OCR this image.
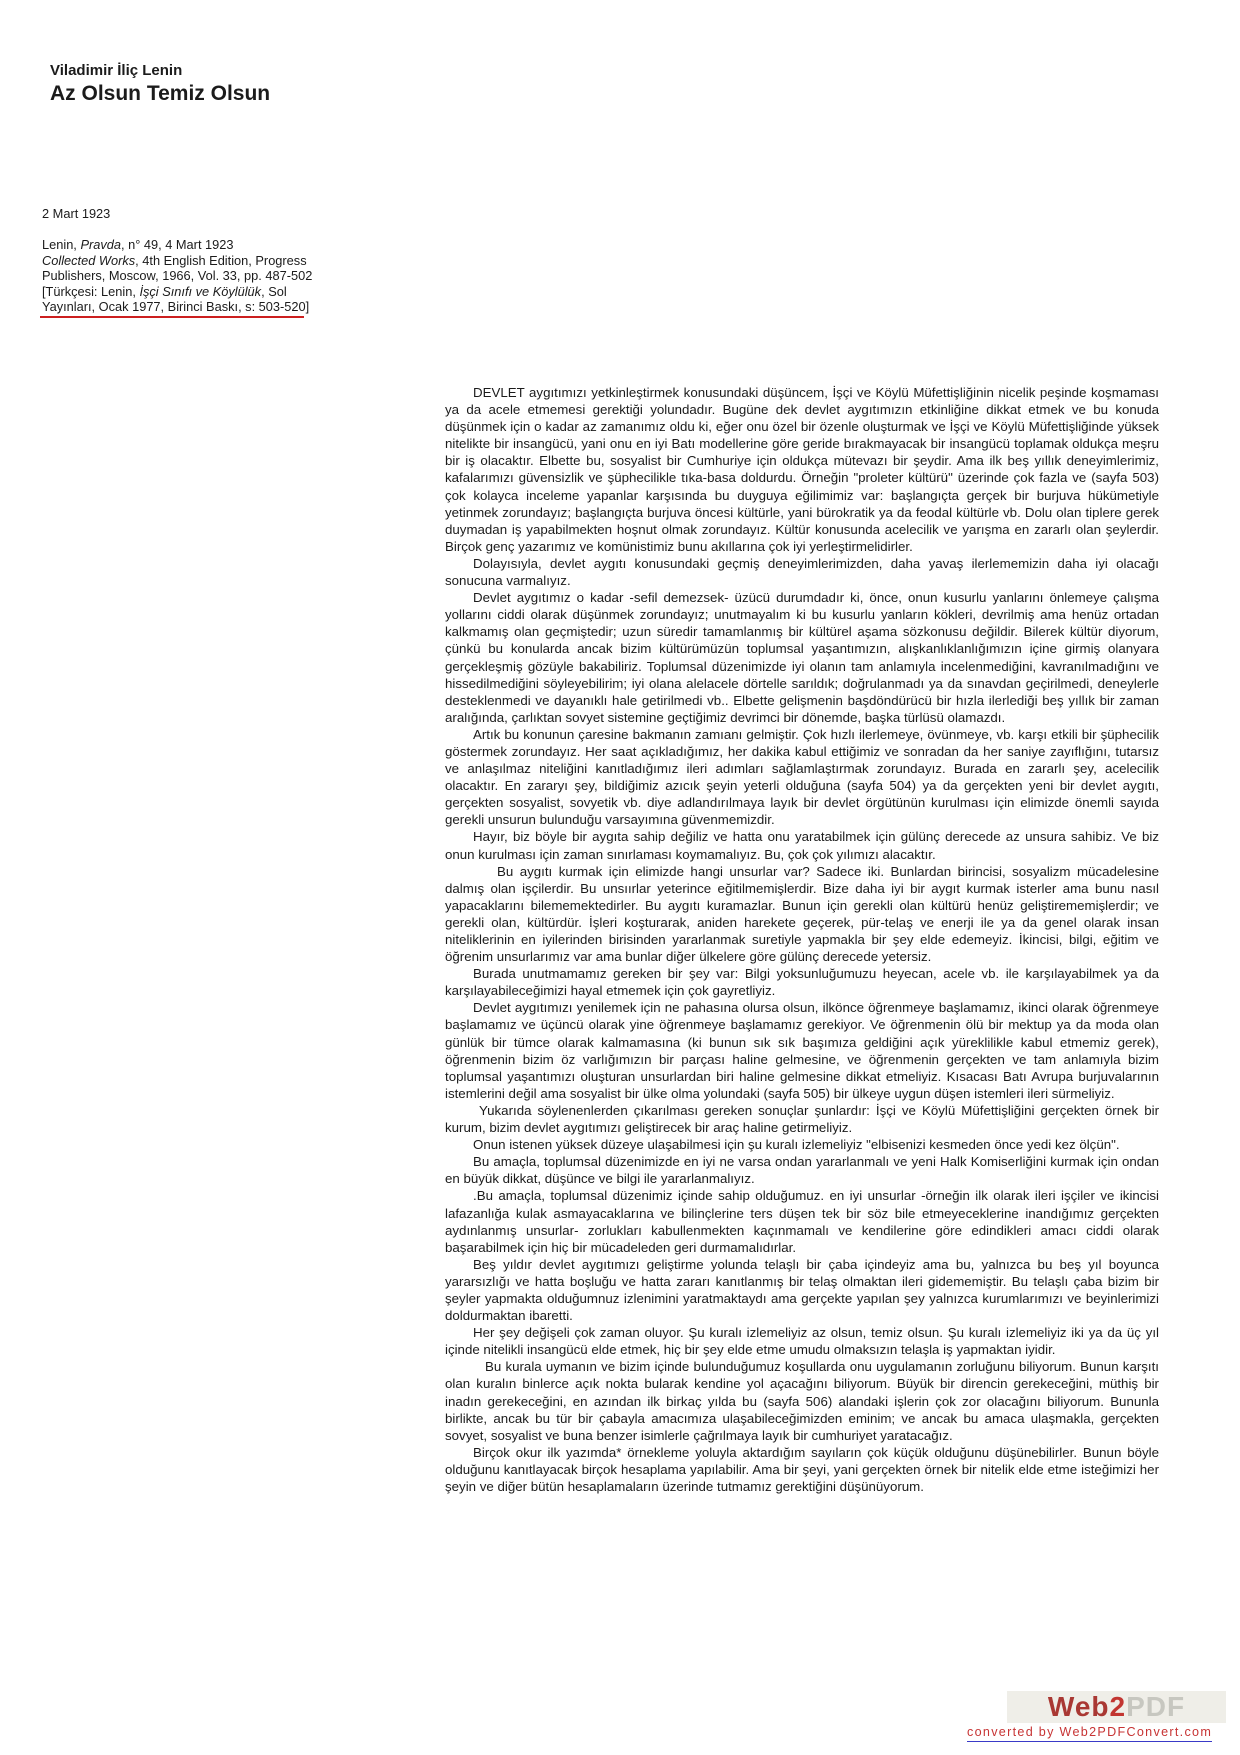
Viladimir İliç Lenin
Az Olsun Temiz Olsun
2 Mart 1923
Lenin, Pravda, n° 49, 4 Mart 1923
Collected Works, 4th English Edition, Progress
Publishers, Moscow, 1966, Vol. 33, pp. 487-502
[Türkçesi: Lenin, İşçi Sınıfı ve Köylülük, Sol
Yayınları, Ocak 1977, Birinci Baskı, s: 503-520]

DEVLET aygıtımızı yetkinleştirmek konusundaki düşüncem, İşçi ve Köylü Müfettişliğinin nicelik peşinde koşmaması ya da acele etmemesi gerektiği yolundadır. Bugüne dek devlet aygıtımızın etkinliğine dikkat etmek ve bu konuda düşünmek için o kadar az zamanımız oldu ki, eğer onu özel bir özenle oluşturmak ve İşçi ve Köylü Müfettişliğinde yüksek nitelikte bir insangücü, yani onu en iyi Batı modellerine göre geride bırakmayacak bir insangücü toplamak oldukça meşru bir iş olacaktır. Elbette bu, sosyalist bir Cumhuriye için oldukça mütevazı bir şeydir. Ama ilk beş yıllık deneyimlerimiz, kafalarımızı güvensizlik ve şüphecilikle tıka-basa doldurdu. Örneğin "proleter kültürü" üzerinde çok fazla ve (sayfa 503) çok kolayca inceleme yapanlar karşısında bu duyguya eğilimimiz var: başlangıçta gerçek bir burjuva hükümetiyle yetinmek zorundayız; başlangıçta burjuva öncesi kültürle, yani bürokratik ya da feodal kültürle vb. Dolu olan tiplere gerek duymadan iş yapabilmekten hoşnut olmak zorundayız. Kültür konusunda acelecilik ve yarışma en zararlı olan şeylerdir. Birçok genç yazarımız ve komünistimiz bunu akıllarına çok iyi yerleştirmelidirler.

Dolayısıyla, devlet aygıtı konusundaki geçmiş deneyimlerimizden, daha yavaş ilerlememizin daha iyi olacağı sonucuna varmalıyız.

Devlet aygıtımız o kadar -sefil demezsek- üzücü durumdadır ki, önce, onun kusurlu yanlarını önlemeye çalışma yollarını ciddi olarak düşünmek zorundayız; unutmayalım ki bu kusurlu yanların kökleri, devrilmiş ama henüz ortadan kalkmamış olan geçmiştedir; uzun süredir tamamlanmış bir kültürel aşama sözkonusu değildir. Bilerek kültür diyorum, çünkü bu konularda ancak bizim kültürümüzün toplumsal yaşantımızın, alışkanlıklanlığımızın içine girmiş olanyara gerçekleşmiş gözüyle bakabiliriz. Toplumsal düzenimizde iyi olanın tam anlamıyla incelenmediğini, kavranılmadığını ve hissedilmediğini söyleyebilirim; iyi olana alelacele dörtelle sarıldık; doğrulanmadı ya da sınavdan geçirilmedi, deneylerle desteklenmedi ve dayanıklı hale getirilmedi vb.. Elbette gelişmenin başdöndürücü bir hızla ilerlediği beş yıllık bir zaman aralığında, çarlıktan sovyet sistemine geçtiğimiz devrimci bir dönemde, başka türlüsü olamazdı.

Artık bu konunun çaresine bakmanın zamıanı gelmiştir. Çok hızlı ilerlemeye, övünmeye, vb. karşı etkili bir şüphecilik göstermek zorundayız. Her saat açıkladığımız, her dakika kabul ettiğimiz ve sonradan da her saniye zayıflığını, tutarsız ve anlaşılmaz niteliğini kanıtladığımız ileri adımları sağlamlaştırmak zorundayız. Burada en zararlı şey, acelecilik olacaktır. En zararyı şey, bildiğimiz azıcık şeyin yeterli olduğuna (sayfa 504) ya da gerçekten yeni bir devlet aygıtı, gerçekten sosyalist, sovyetik vb. diye adlandırılmaya layık bir devlet örgütünün kurulması için elimizde önemli sayıda gerekli unsurun bulunduğu varsayımına güvenmemizdir.

Hayır, biz böyle bir aygıta sahip değiliz ve hatta onu yaratabilmek için gülünç derecede az unsura sahibiz. Ve biz onun kurulması için zaman sınırlaması koymamalıyız. Bu, çok çok yılımızı alacaktır.

Bu aygıtı kurmak için elimizde hangi unsurlar var? Sadece iki. Bunlardan birincisi, sosyalizm mücadelesine dalmış olan işçilerdir. Bu unsıırlar yeterince eğitilmemişlerdir. Bize daha iyi bir aygıt kurmak isterler ama bunu nasıl yapacaklarını bilememektedirler. Bu aygıtı kuramazlar. Bunun için gerekli olan kültürü henüz geliştirememişlerdir; ve gerekli olan, kültürdür. İşleri koşturarak, aniden harekete geçerek, pür-telaş ve enerji ile ya da genel olarak insan niteliklerinin en iyilerinden birisinden yararlanmak suretiyle yapmakla bir şey elde edemeyiz. İkincisi, bilgi, eğitim ve öğrenim unsurlarımız var ama bunlar diğer ülkelere göre gülünç derecede yetersiz.

Burada unutmamamız gereken bir şey var: Bilgi yoksunluğumuzu heyecan, acele vb. ile karşılayabilmek ya da karşılayabileceğimizi hayal etmemek için çok gayretliyiz.

Devlet aygıtımızı yenilemek için ne pahasına olursa olsun, ilkönce öğrenmeye başlamamız, ikinci olarak öğrenmeye başlamamız ve üçüncü olarak yine öğrenmeye başlamamız gerekiyor. Ve öğrenmenin ölü bir mektup ya da moda olan günlük bir tümce olarak kalmamasına (ki bunun sık sık başımıza geldiğini açık yüreklilikle kabul etmemiz gerek), öğrenmenin bizim öz varlığımızın bir parçası haline gelmesine, ve öğrenmenin gerçekten ve tam anlamıyla bizim toplumsal yaşantımızı oluşturan unsurlardan biri haline gelmesine dikkat etmeliyiz. Kısacası Batı Avrupa burjuvalarının istemlerini değil ama sosyalist bir ülke olma yolundaki (sayfa 505) bir ülkeye uygun düşen istemleri ileri sürmeliyiz.

Yukarıda söylenenlerden çıkarılması gereken sonuçlar şunlardır: İşçi ve Köylü Müfettişliğini gerçekten örnek bir kurum, bizim devlet aygıtımızı geliştirecek bir araç haline getirmeliyiz.

Onun istenen yüksek düzeye ulaşabilmesi için şu kuralı izlemeliyiz "elbisenizi kesmeden önce yedi kez ölçün".

Bu amaçla, toplumsal düzenimizde en iyi ne varsa ondan yararlanmalı ve yeni Halk Komiserliğini kurmak için ondan en büyük dikkat, düşünce ve bilgi ile yararlanmalıyız.

.Bu amaçla, toplumsal düzenimiz içinde sahip olduğumuz. en iyi unsurlar -örneğin ilk olarak ileri işçiler ve ikincisi lafazanlığa kulak asmayacaklarına ve bilinçlerine ters düşen tek bir söz bile etmeyeceklerine inandığımız gerçekten aydınlanmış unsurlar- zorlukları kabullenmekten kaçınmamalı ve kendilerine göre edindikleri amacı ciddi olarak başarabilmek için hiç bir mücadeleden geri durmamalıdırlar.

Beş yıldır devlet aygıtımızı geliştirme yolunda telaşlı bir çaba içindeyiz ama bu, yalnızca bu beş yıl boyunca yararsızlığı ve hatta boşluğu ve hatta zararı kanıtlanmış bir telaş olmaktan ileri gidememiştir. Bu telaşlı çaba bizim bir şeyler yapmakta olduğumnuz izlenimini yaratmaktaydı ama gerçekte yapılan şey yalnızca kurumlarımızı ve beyinlerimizi doldurmaktan ibaretti.

Her şey değişeli çok zaman oluyor. Şu kuralı izlemeliyiz az olsun, temiz olsun. Şu kuralı izlemeliyiz iki ya da üç yıl içinde nitelikli insangücü elde etmek, hiç bir şey elde etme umudu olmaksızın telaşla iş yapmaktan iyidir.

Bu kurala uymanın ve bizim içinde bulunduğumuz koşullarda onu uygulamanın zorluğunu biliyorum. Bunun karşıtı olan kuralın binlerce açık nokta bularak kendine yol açacağını biliyorum. Büyük bir direncin gerekeceğini, müthiş bir inadın gerekeceğini, en azından ilk birkaç yılda bu (sayfa 506) alandaki işlerin çok zor olacağını biliyorum. Bununla birlikte, ancak bu tür bir çabayla amacımıza ulaşabileceğimizden eminim; ve ancak bu amaca ulaşmakla, gerçekten sovyet, sosyalist ve buna benzer isimlerle çağrılmaya layık bir cumhuriyet yaratacağız.

Birçok okur ilk yazımda* örnekleme yoluyla aktardığım sayıların çok küçük olduğunu düşünebilirler. Bunun böyle olduğunu kanıtlayacak birçok hesaplama yapılabilir. Ama bir şeyi, yani gerçekten örnek bir nitelik elde etme isteğimizi her şeyin ve diğer bütün hesaplamaların üzerinde tutmamız gerektiğini düşünüyorum.

Web 2 PDF
converted by Web2PDFConvert.com
